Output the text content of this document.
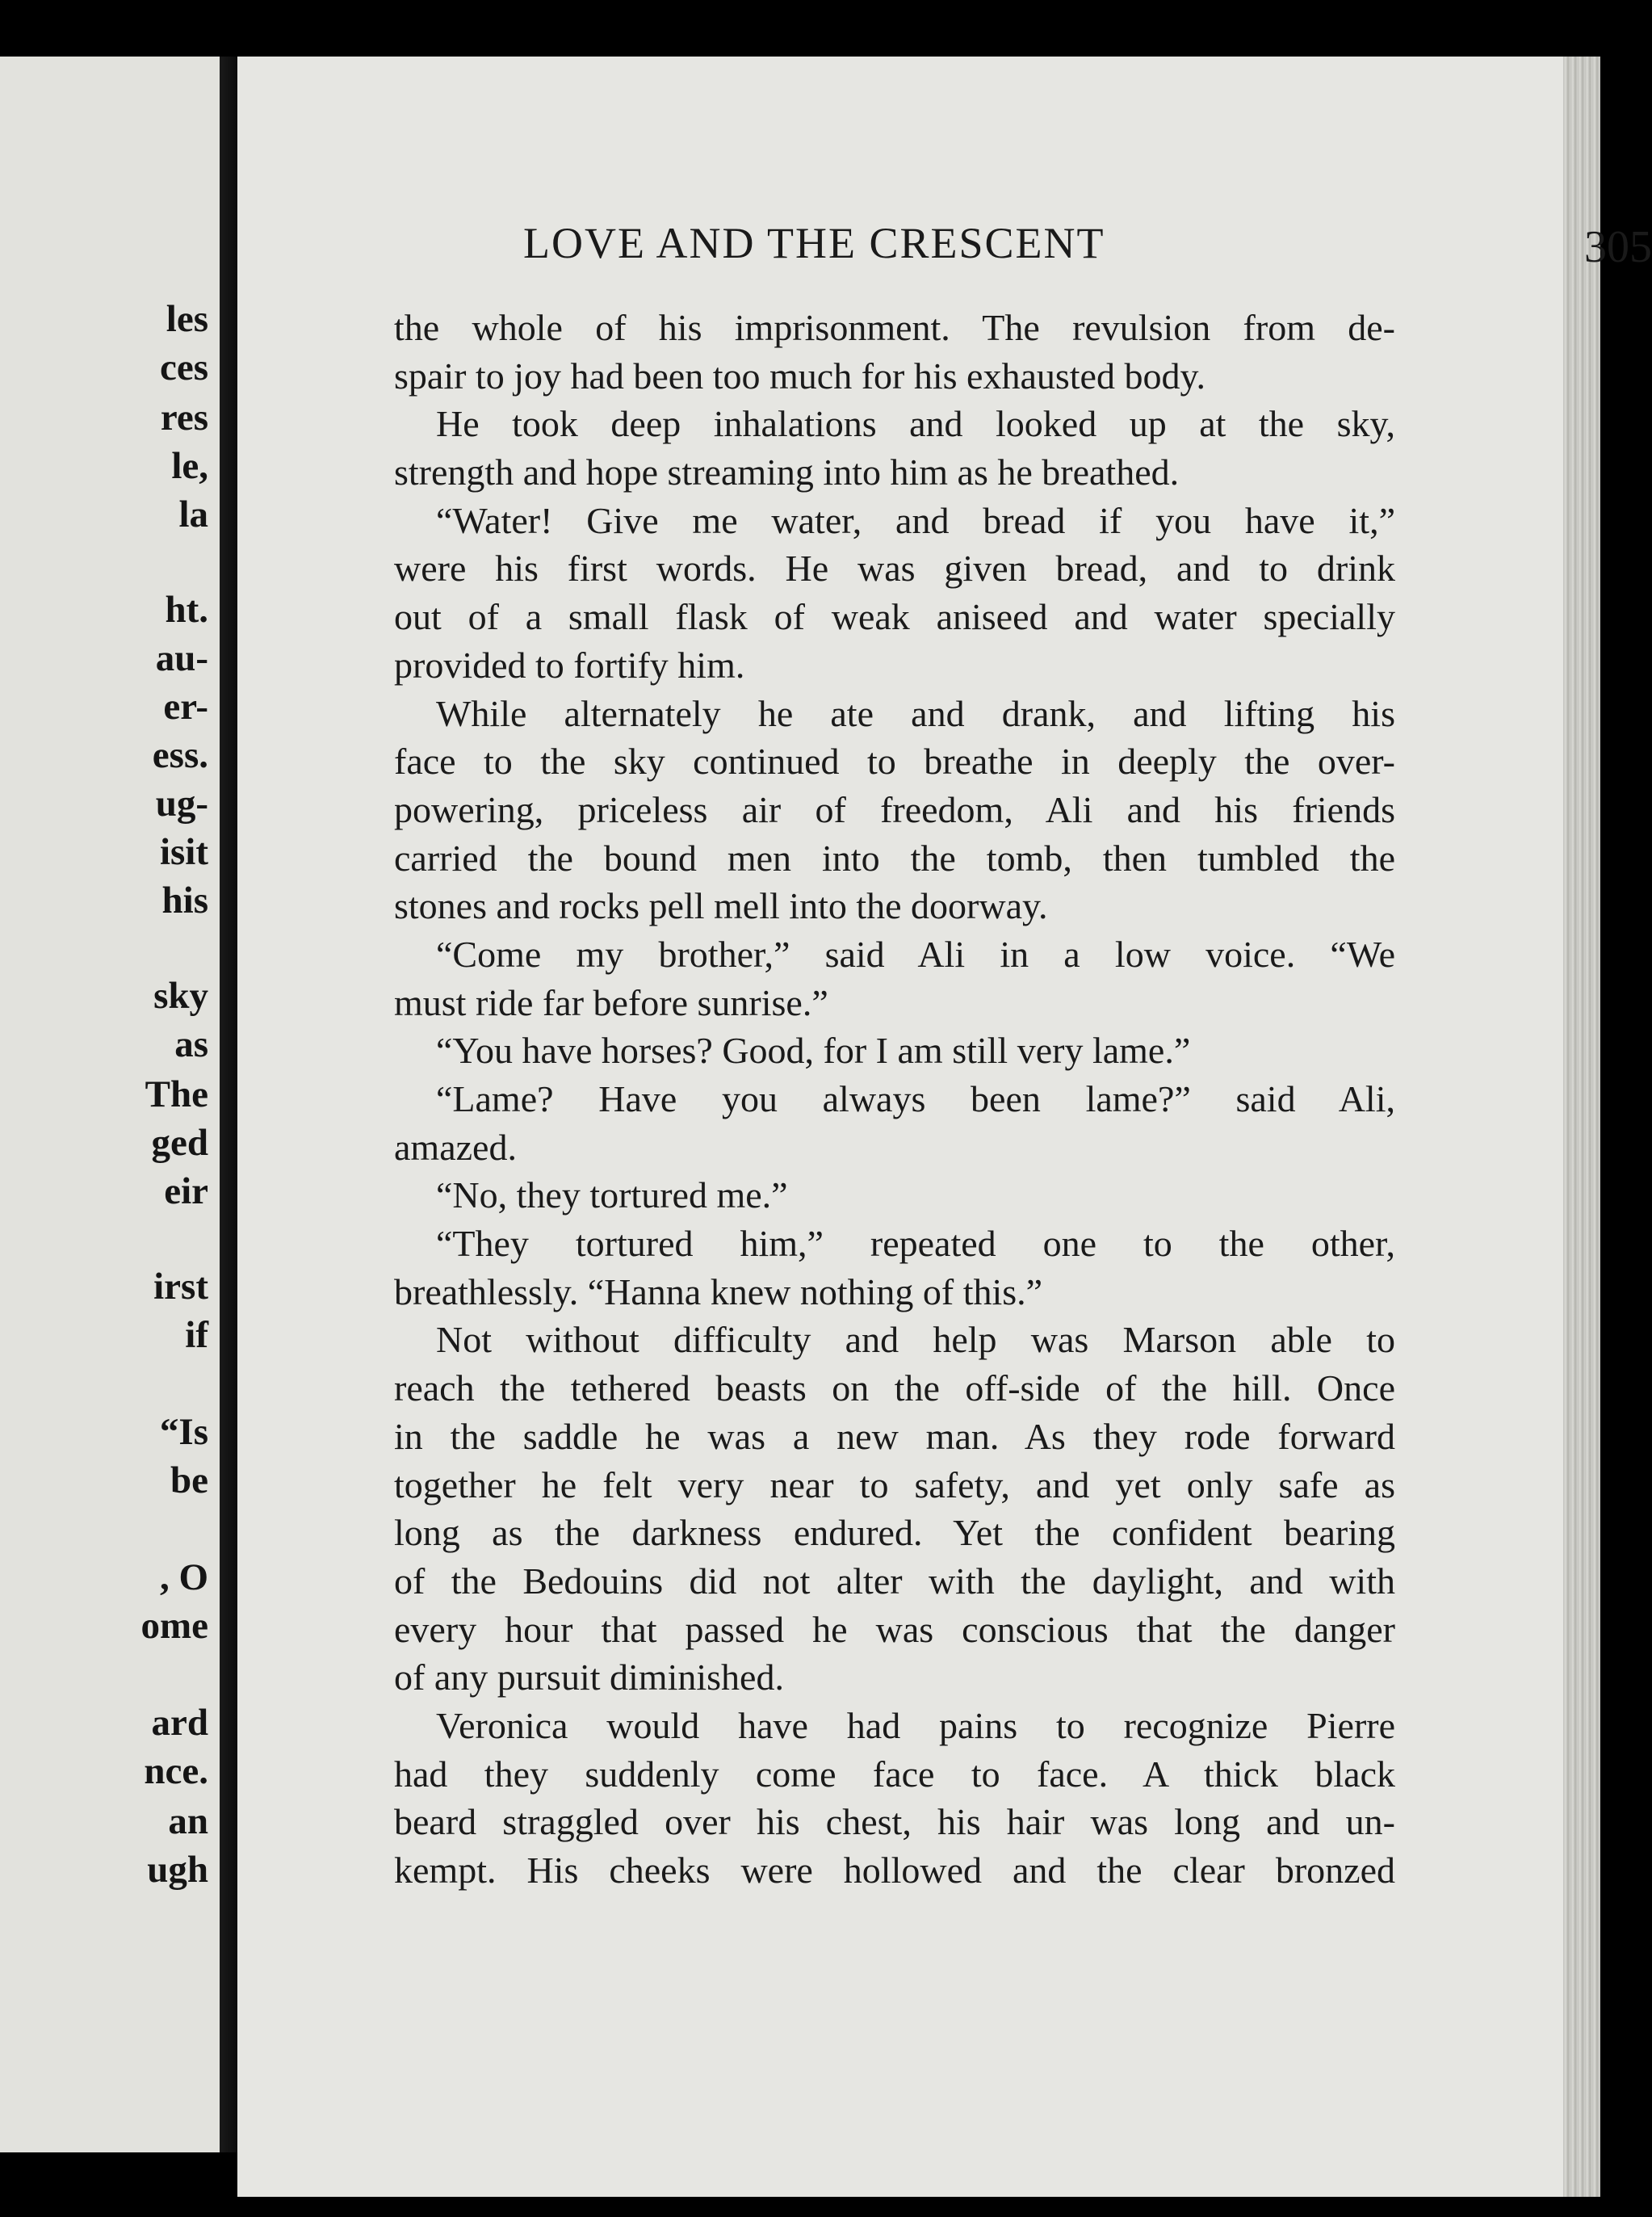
les
ces
res
le,
la
ht.
au-
er-
ess.
ug-
isit
his
sky
as
The
ged
eir
irst
if
“Is
be
, O
ome
ard
nce.
an
ugh
LOVE AND THE CRESCENT	305
the whole of his imprisonment. The revulsion from de-
spair to joy had been too much for his exhausted body.
He took deep inhalations and looked up at the sky,
strength and hope streaming into him as he breathed.
“Water! Give me water, and bread if you have it,”
were his first words. He was given bread, and to drink
out of a small flask of weak aniseed and water specially
provided to fortify him.
While alternately he ate and drank, and lifting his
face to the sky continued to breathe in deeply the over-
powering, priceless air of freedom, Ali and his friends
carried the bound men into the tomb, then tumbled the
stones and rocks pell mell into the doorway.
“Come my brother,” said Ali in a low voice. “We
must ride far before sunrise.”
“You have horses? Good, for I am still very lame.”
“Lame? Have you always been lame?” said Ali,
amazed.
“No, they tortured me.”
“They tortured him,” repeated one to the other,
breathlessly. “Hanna knew nothing of this.”
Not without difficulty and help was Marson able to
reach the tethered beasts on the off-side of the hill. Once
in the saddle he was a new man. As they rode forward
together he felt very near to safety, and yet only safe as
long as the darkness endured. Yet the confident bearing
of the Bedouins did not alter with the daylight, and with
every hour that passed he was conscious that the danger
of any pursuit diminished.
Veronica would have had pains to recognize Pierre
had they suddenly come face to face. A thick black
beard straggled over his chest, his hair was long and un-
kempt. His cheeks were hollowed and the clear bronzed
